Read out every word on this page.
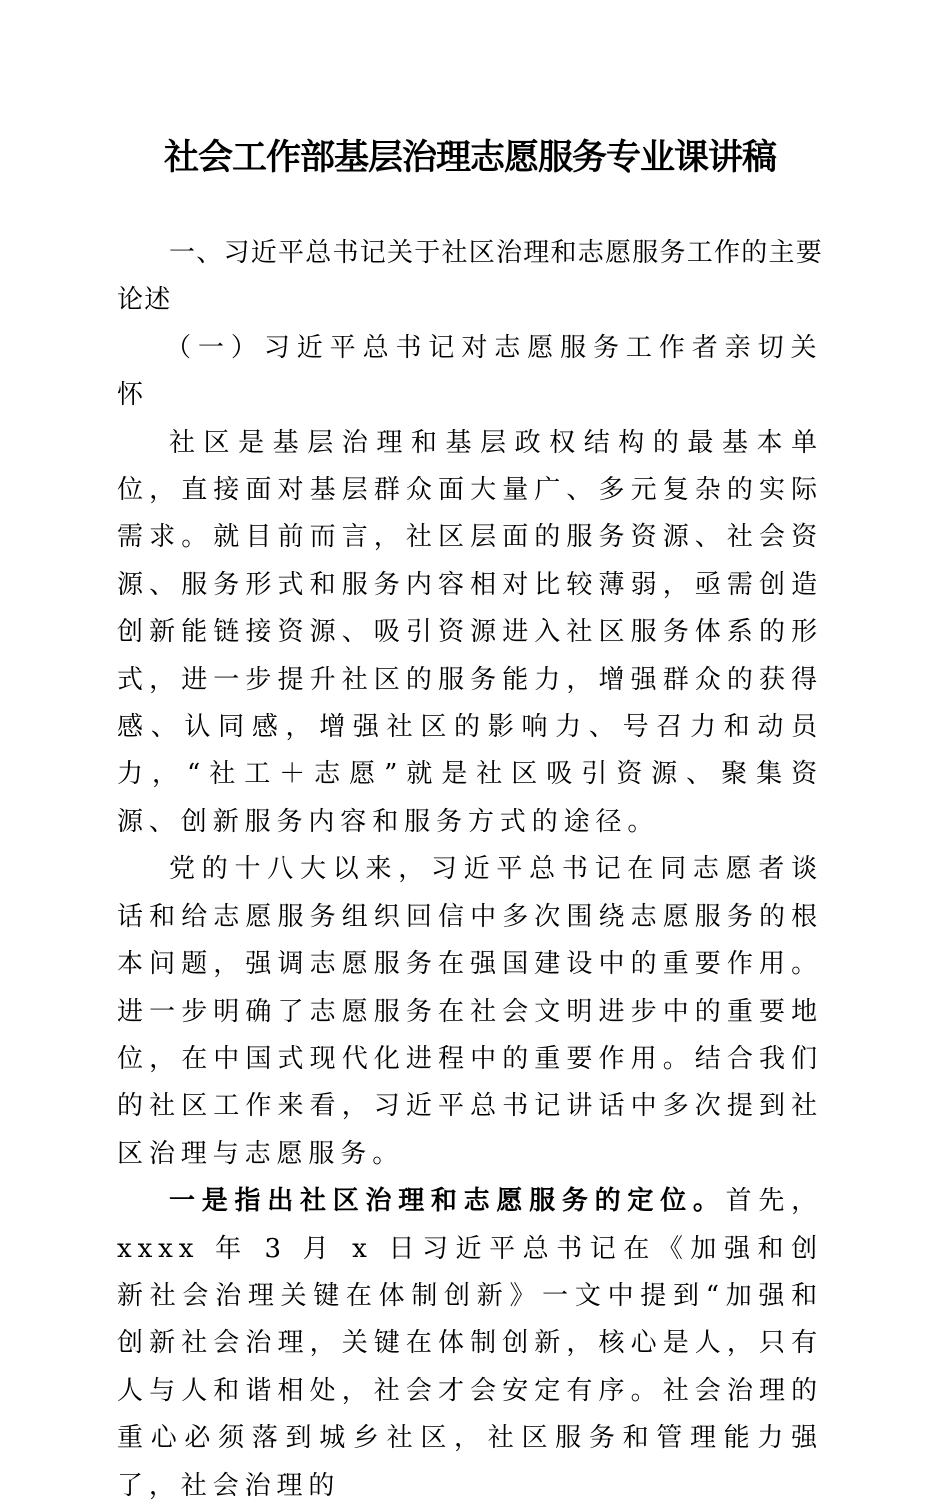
社会工作部基层治理志愿服务专业课讲稿

一、习近平总书记关于社区治理和志愿服务工作的主要论述

（一）习近平总书记对志愿服务工作者亲切关怀

社区是基层治理和基层政权结构的最基本单位，直接面对基层群众面大量广、多元复杂的实际需求。就目前而言，社区层面的服务资源、社会资源、服务形式和服务内容相对比较薄弱，亟需创造创新能链接资源、吸引资源进入社区服务体系的形式，进一步提升社区的服务能力，增强群众的获得感、认同感，增强社区的影响力、号召力和动员力，“社工＋志愿”就是社区吸引资源、聚集资源、创新服务内容和服务方式的途径。

党的十八大以来，习近平总书记在同志愿者谈话和给志愿服务组织回信中多次围绕志愿服务的根本问题，强调志愿服务在强国建设中的重要作用。进一步明确了志愿服务在社会文明进步中的重要地位，在中国式现代化进程中的重要作用。结合我们的社区工作来看，习近平总书记讲话中多次提到社区治理与志愿服务。

一是指出社区治理和志愿服务的定位。首先，xxxx 年 3 月 x 日习近平总书记在《加强和创新社会治理关键在体制创新》一文中提到“加强和创新社会治理，关键在体制创新，核心是人，只有人与人和谐相处，社会才会安定有序。社会治理的重心必须落到城乡社区，社区服务和管理能力强了，社会治理的
